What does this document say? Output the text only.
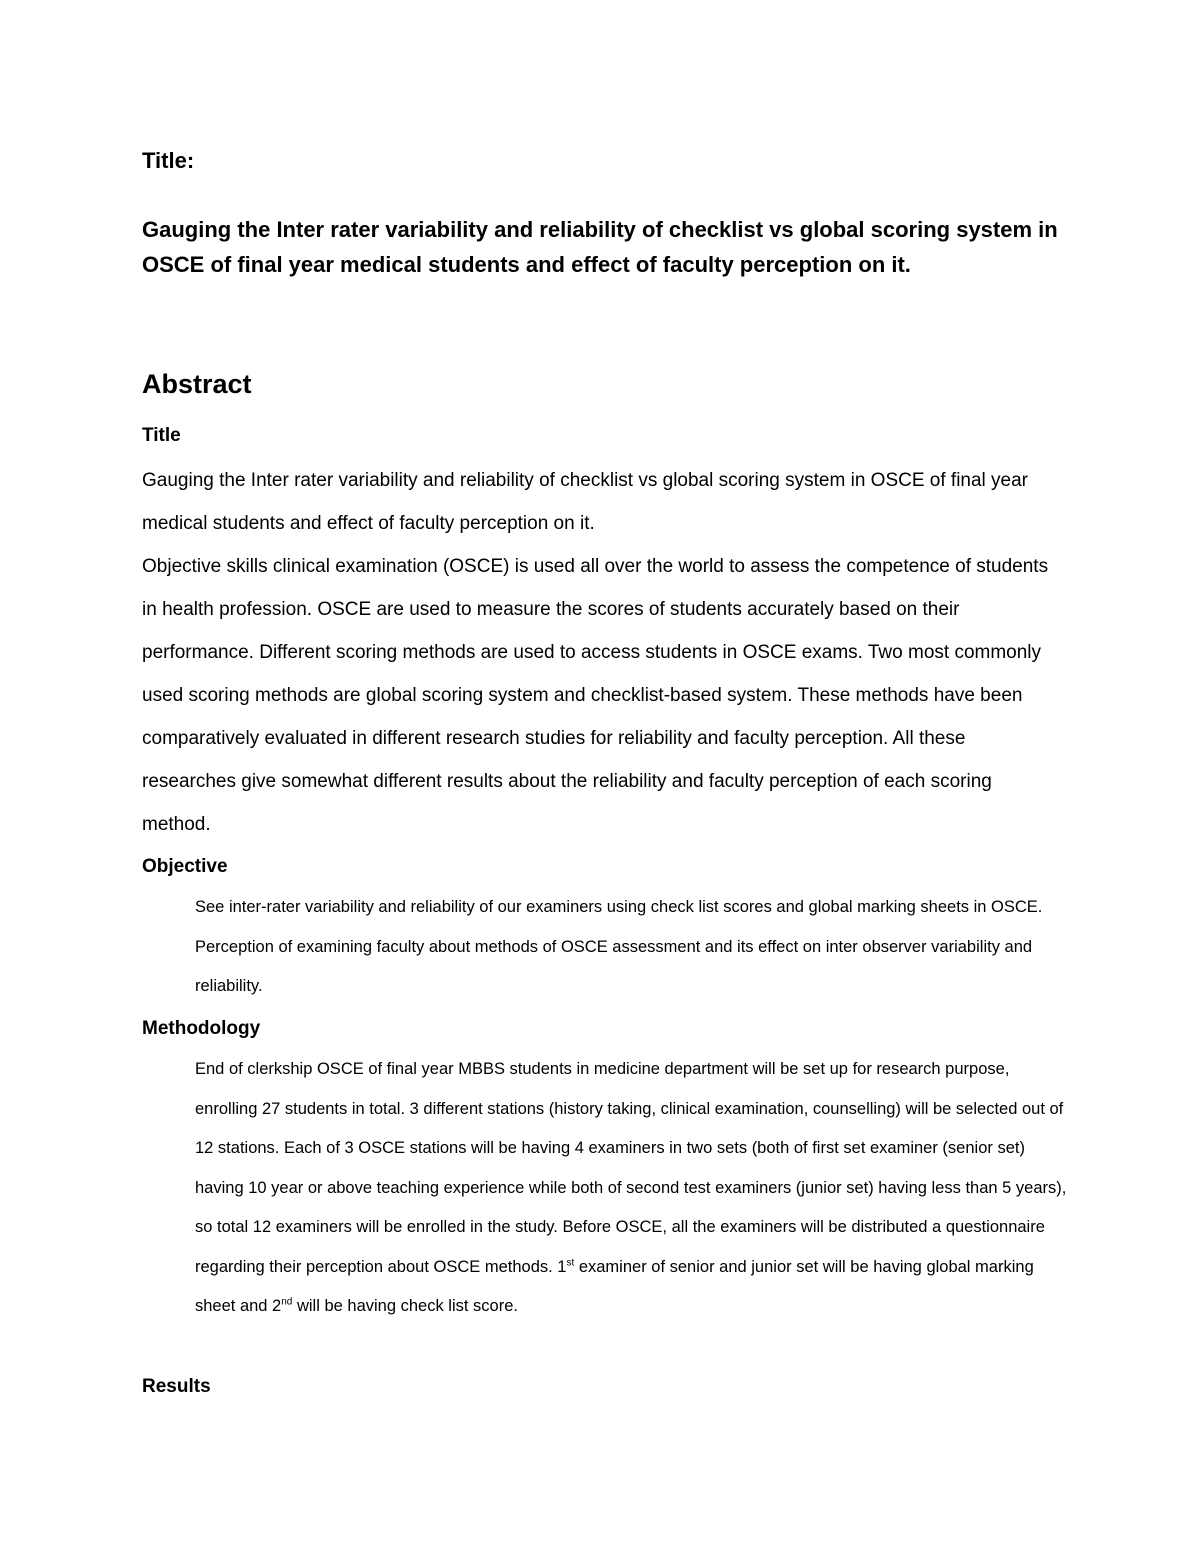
Title:

Gauging the Inter rater variability and reliability of checklist vs global scoring system in OSCE of final year medical students and effect of faculty perception on it.

Abstract
Title
Gauging the Inter rater variability and reliability of checklist vs global scoring system in OSCE of final year medical students and effect of faculty perception on it.
Objective skills clinical examination (OSCE) is used all over the world to assess the competence of students in health profession. OSCE are used to measure the scores of students accurately based on their performance. Different scoring methods are used to access students in OSCE exams. Two most commonly used scoring methods are global scoring system and checklist-based system. These methods have been comparatively evaluated in different research studies for reliability and faculty perception. All these researches give somewhat different results about the reliability and faculty perception of each scoring method.
Objective

See inter-rater variability and reliability of our examiners using check list scores and global marking sheets in OSCE. Perception of examining faculty about methods of OSCE assessment and its effect on inter observer variability and reliability.

Methodology

End of clerkship OSCE of final year MBBS students in medicine department will be set up for research purpose, enrolling 27 students in total. 3 different stations (history taking, clinical examination, counselling) will be selected out of 12 stations. Each of 3 OSCE stations will be having 4 examiners in two sets (both of first set examiner (senior set) having 10 year or above teaching experience while both of second test examiners (junior set) having less than 5 years), so total 12 examiners will be enrolled in the study. Before OSCE, all the examiners will be distributed a questionnaire regarding their perception about OSCE methods. 1st examiner of senior and junior set will be having global marking sheet and 2nd will be having check list score.

Results
